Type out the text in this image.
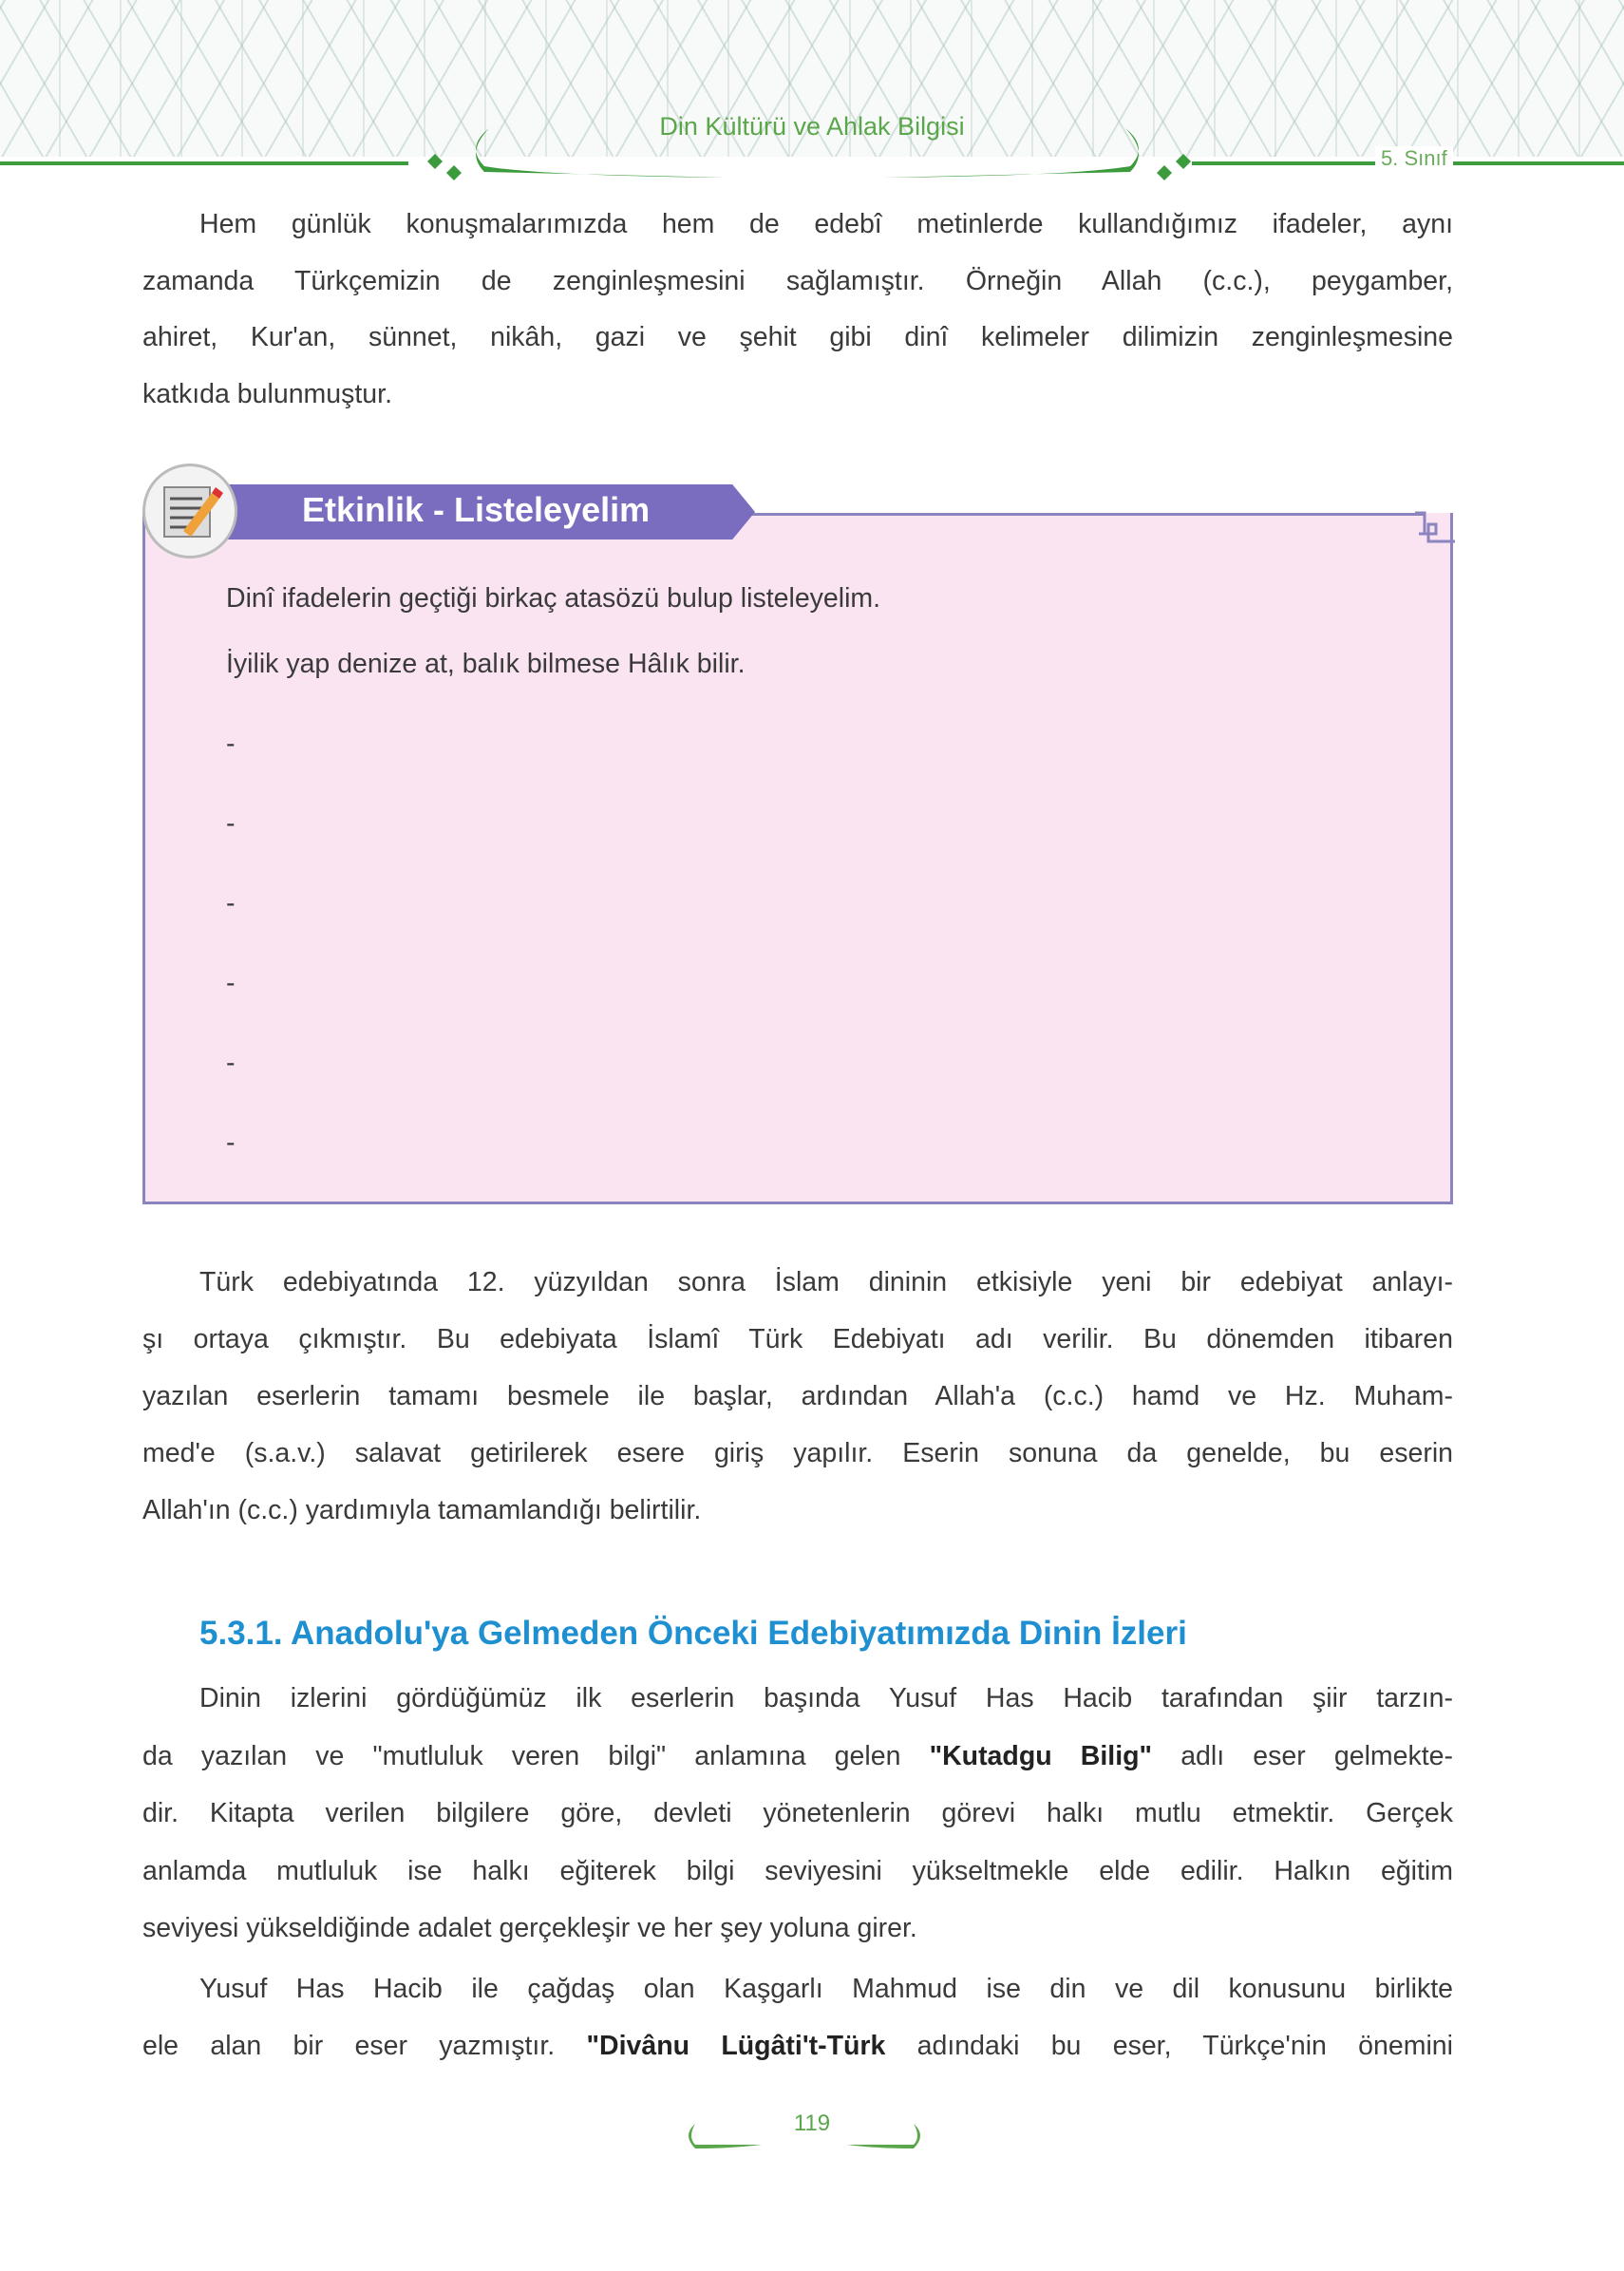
Din Kültürü ve Ahlak Bilgisi
5. Sınıf
Hem günlük konuşmalarımızda hem de edebî metinlerde kullandığımız ifadeler, aynı
zamanda Türkçemizin de zenginleşmesini sağlamıştır. Örneğin Allah (c.c.), peygamber,
ahiret, Kur'an, sünnet, nikâh, gazi ve şehit gibi dinî kelimeler dilimizin zenginleşmesine
katkıda bulunmuştur.
Etkinlik - Listeleyelim
Dinî ifadelerin geçtiği birkaç atasözü bulup listeleyelim.
İyilik yap denize at, balık bilmese Hâlık bilir.
-
-
-
-
-
-
Türk edebiyatında 12. yüzyıldan sonra İslam dininin etkisiyle yeni bir edebiyat anlayı-
şı ortaya çıkmıştır. Bu edebiyata İslamî Türk Edebiyatı adı verilir. Bu dönemden itibaren
yazılan eserlerin tamamı besmele ile başlar, ardından Allah'a (c.c.) hamd ve Hz. Muham-
med'e (s.a.v.) salavat getirilerek esere giriş yapılır. Eserin sonuna da genelde, bu eserin
Allah'ın (c.c.) yardımıyla tamamlandığı belirtilir.
5.3.1. Anadolu'ya Gelmeden Önceki Edebiyatımızda Dinin İzleri
Dinin izlerini gördüğümüz ilk eserlerin başında Yusuf Has Hacib tarafından şiir tarzın-
da yazılan ve "mutluluk veren bilgi" anlamına gelen "Kutadgu Bilig" adlı eser gelmekte-
dir. Kitapta verilen bilgilere göre, devleti yönetenlerin görevi halkı mutlu etmektir. Gerçek
anlamda mutluluk ise halkı eğiterek bilgi seviyesini yükseltmekle elde edilir. Halkın eğitim
seviyesi yükseldiğinde adalet gerçekleşir ve her şey yoluna girer.
Yusuf Has Hacib ile çağdaş olan Kaşgarlı Mahmud ise din ve dil konusunu birlikte
ele alan bir eser yazmıştır. "Divânu Lügâti't-Türk adındaki bu eser, Türkçe'nin önemini
119
